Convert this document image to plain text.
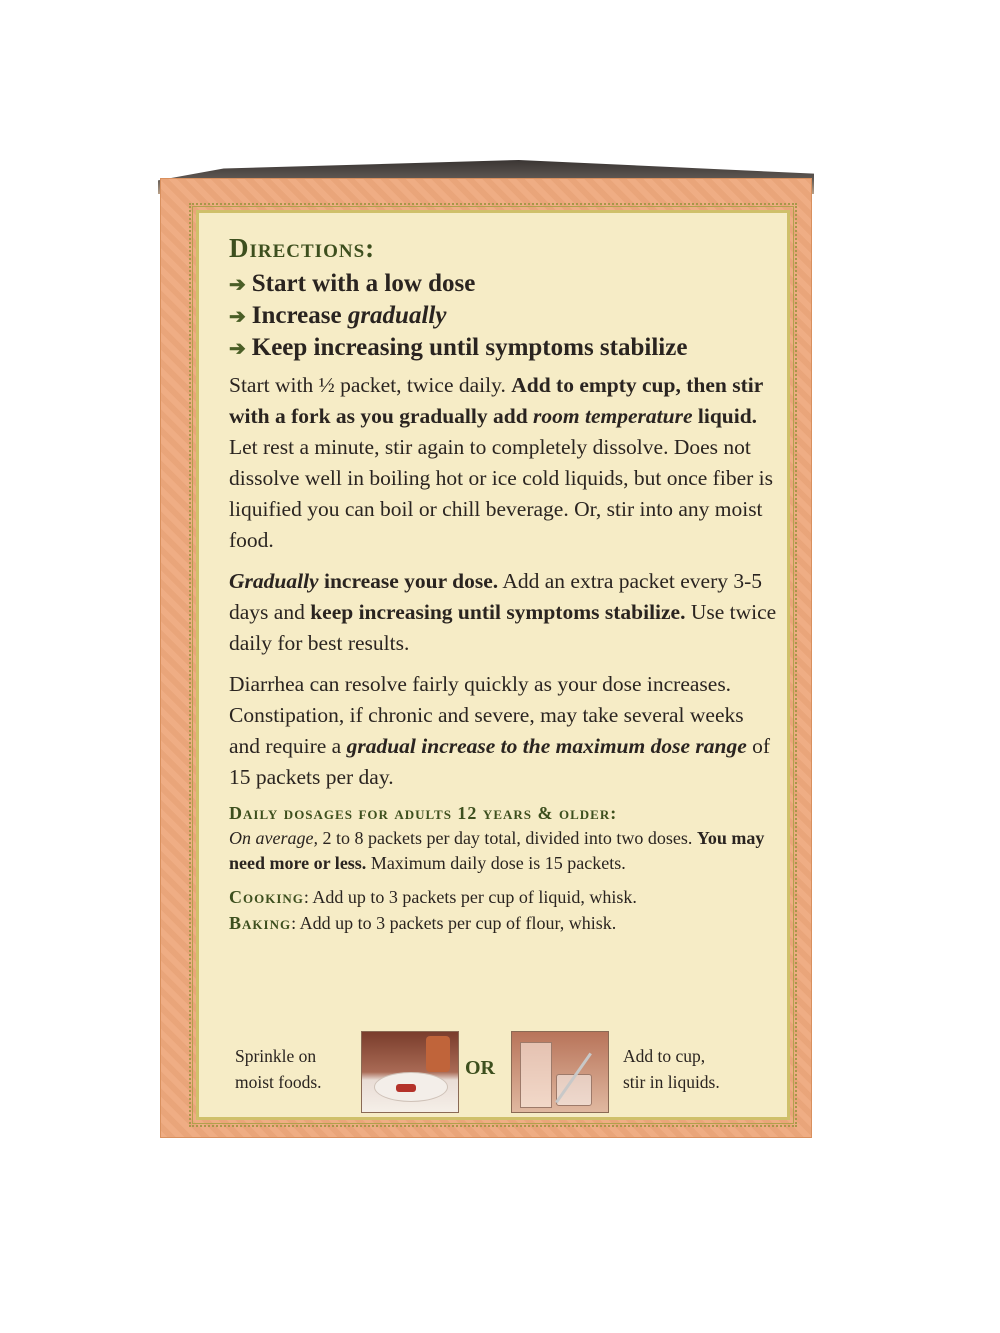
Directions:
➔ Start with a low dose
➔ Increase gradually
➔ Keep increasing until symptoms stabilize

Start with ½ packet, twice daily. Add to empty cup, then stir with a fork as you gradually add room temperature liquid. Let rest a minute, stir again to completely dissolve. Does not dissolve well in boiling hot or ice cold liquids, but once fiber is liquified you can boil or chill beverage. Or, stir into any moist food.

Gradually increase your dose. Add an extra packet every 3-5 days and keep increasing until symptoms stabilize. Use twice daily for best results.

Diarrhea can resolve fairly quickly as your dose increases. Constipation, if chronic and severe, may take several weeks and require a gradual increase to the maximum dose range of 15 packets per day.

Daily dosages for adults 12 years & older:
On average, 2 to 8 packets per day total, divided into two doses. You may need more or less. Maximum daily dose is 15 packets.
Cooking: Add up to 3 packets per cup of liquid, whisk.
Baking: Add up to 3 packets per cup of flour, whisk.
Sprinkle on
moist foods.
OR
Add to cup,
stir in liquids.
